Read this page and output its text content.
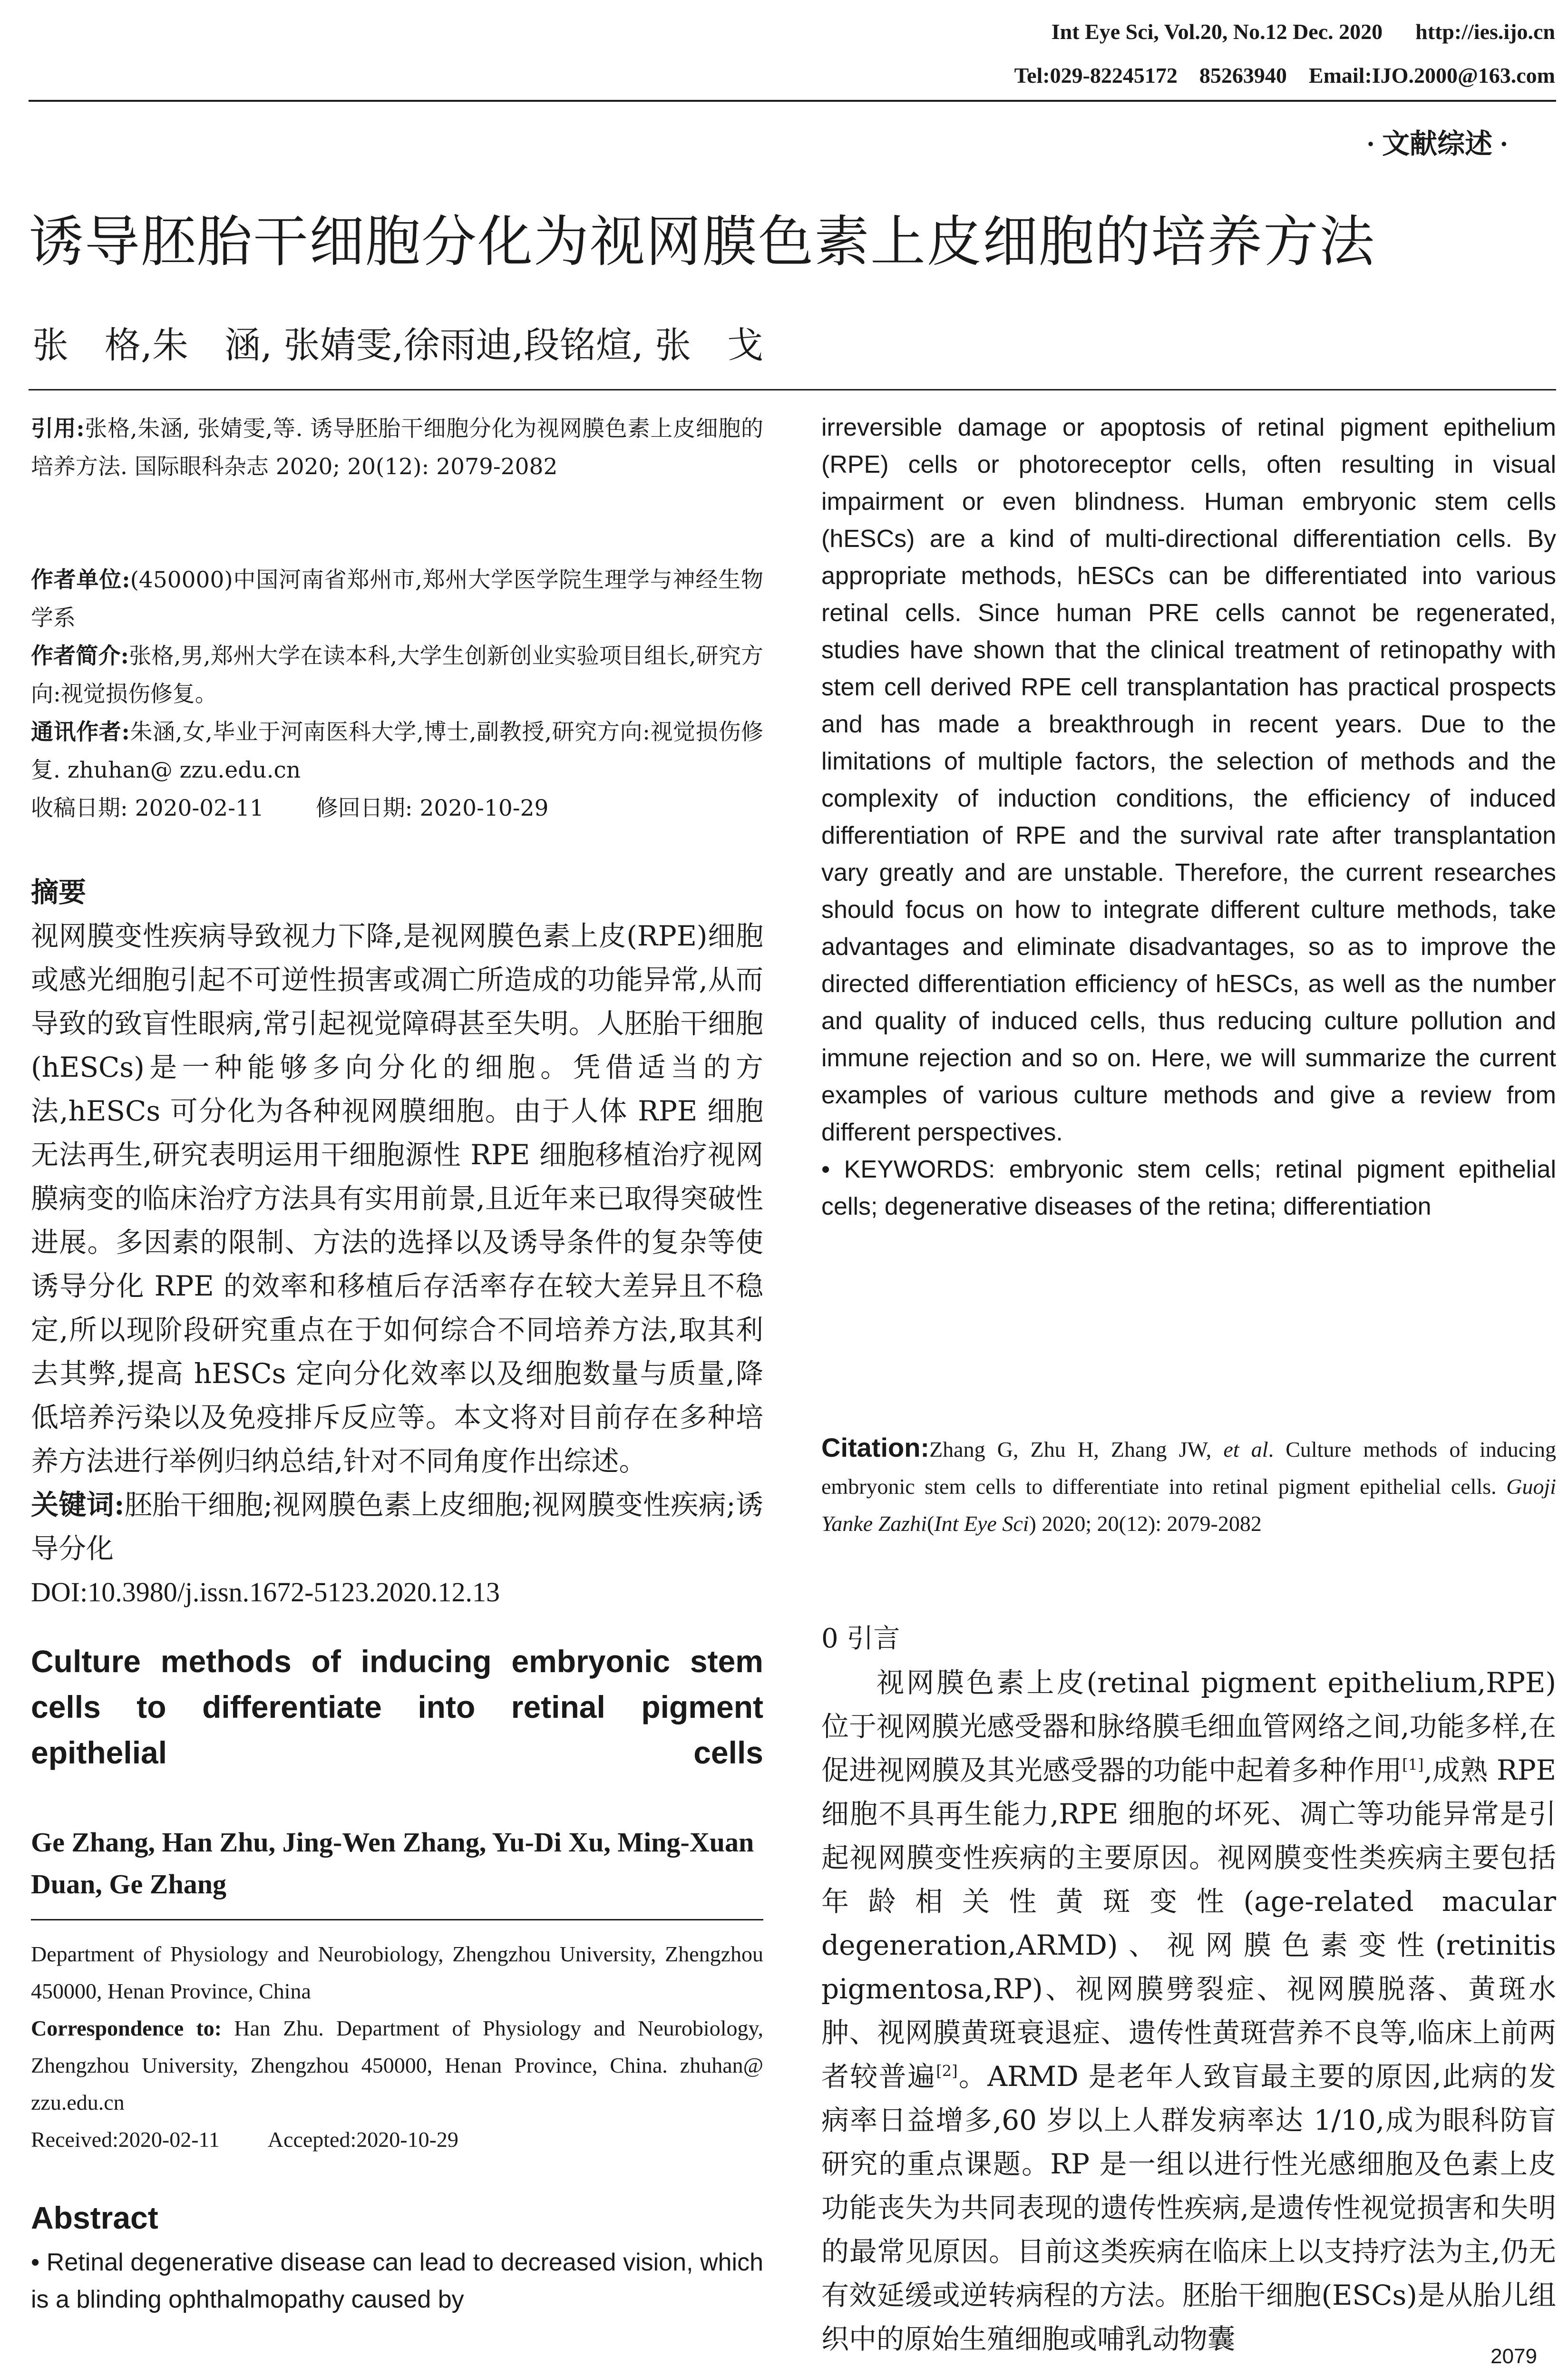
Int Eye Sci, Vol.20, No.12 Dec. 2020      http://ies.ijo.cn
Tel:029-82245172    85263940    Email:IJO.2000@163.com
· 文献综述 ·
诱导胚胎干细胞分化为视网膜色素上皮细胞的培养方法
张　格,朱　涵, 张婧雯,徐雨迪,段铭煊, 张　戈
引用:张格,朱涵, 张婧雯,等. 诱导胚胎干细胞分化为视网膜色素上皮细胞的培养方法. 国际眼科杂志 2020; 20(12): 2079-2082
作者单位:(450000)中国河南省郑州市,郑州大学医学院生理学与神经生物学系
作者简介:张格,男,郑州大学在读本科,大学生创新创业实验项目组长,研究方向:视觉损伤修复。
通讯作者:朱涵,女,毕业于河南医科大学,博士,副教授,研究方向:视觉损伤修复. zhuhan@ zzu.edu.cn
收稿日期: 2020-02-11　　 修回日期: 2020-10-29
摘要
视网膜变性疾病导致视力下降,是视网膜色素上皮(RPE)细胞或感光细胞引起不可逆性损害或凋亡所造成的功能异常,从而导致的致盲性眼病,常引起视觉障碍甚至失明。人胚胎干细胞(hESCs)是一种能够多向分化的细胞。凭借适当的方法,hESCs 可分化为各种视网膜细胞。由于人体 RPE 细胞无法再生,研究表明运用干细胞源性 RPE 细胞移植治疗视网膜病变的临床治疗方法具有实用前景,且近年来已取得突破性进展。多因素的限制、方法的选择以及诱导条件的复杂等使诱导分化 RPE 的效率和移植后存活率存在较大差异且不稳定,所以现阶段研究重点在于如何综合不同培养方法,取其利去其弊,提高 hESCs 定向分化效率以及细胞数量与质量,降低培养污染以及免疫排斥反应等。本文将对目前存在多种培养方法进行举例归纳总结,针对不同角度作出综述。
关键词:胚胎干细胞;视网膜色素上皮细胞;视网膜变性疾病;诱导分化
DOI:10.3980/j.issn.1672-5123.2020.12.13
Culture methods of inducing embryonic stem cells to differentiate into retinal pigment epithelial cells
Ge Zhang, Han Zhu, Jing-Wen Zhang, Yu-Di Xu, Ming-Xuan Duan, Ge Zhang
Department of Physiology and Neurobiology, Zhengzhou University, Zhengzhou 450000, Henan Province, China
Correspondence to: Han Zhu. Department of Physiology and Neurobiology, Zhengzhou University, Zhengzhou 450000, Henan Province, China. zhuhan@ zzu.edu.cn
Received:2020-02-11　　 Accepted:2020-10-29
Abstract
• Retinal degenerative disease can lead to decreased vision, which is a blinding ophthalmopathy caused by
irreversible damage or apoptosis of retinal pigment epithelium (RPE) cells or photoreceptor cells, often resulting in visual impairment or even blindness. Human embryonic stem cells (hESCs) are a kind of multi-directional differentiation cells. By appropriate methods, hESCs can be differentiated into various retinal cells. Since human PRE cells cannot be regenerated, studies have shown that the clinical treatment of retinopathy with stem cell derived RPE cell transplantation has practical prospects and has made a breakthrough in recent years. Due to the limitations of multiple factors, the selection of methods and the complexity of induction conditions, the efficiency of induced differentiation of RPE and the survival rate after transplantation vary greatly and are unstable. Therefore, the current researches should focus on how to integrate different culture methods, take advantages and eliminate disadvantages, so as to improve the directed differentiation efficiency of hESCs, as well as the number and quality of induced cells, thus reducing culture pollution and immune rejection and so on. Here, we will summarize the current examples of various culture methods and give a review from different perspectives.
• KEYWORDS: embryonic stem cells; retinal pigment epithelial cells; degenerative diseases of the retina; differentiation
Citation:Zhang G, Zhu H, Zhang JW, et al. Culture methods of inducing embryonic stem cells to differentiate into retinal pigment epithelial cells. Guoji Yanke Zazhi(Int Eye Sci) 2020; 20(12): 2079-2082
0 引言
视网膜色素上皮(retinal pigment epithelium,RPE)位于视网膜光感受器和脉络膜毛细血管网络之间,功能多样,在促进视网膜及其光感受器的功能中起着多种作用[1],成熟 RPE 细胞不具再生能力,RPE 细胞的坏死、凋亡等功能异常是引起视网膜变性疾病的主要原因。视网膜变性类疾病主要包括年龄相关性黄斑变性(age-related macular degeneration,ARMD)、视网膜色素变性(retinitis pigmentosa,RP)、视网膜劈裂症、视网膜脱落、黄斑水肿、视网膜黄斑衰退症、遗传性黄斑营养不良等,临床上前两者较普遍[2]。ARMD 是老年人致盲最主要的原因,此病的发病率日益增多,60 岁以上人群发病率达 1/10,成为眼科防盲研究的重点课题。RP 是一组以进行性光感细胞及色素上皮功能丧失为共同表现的遗传性疾病,是遗传性视觉损害和失明的最常见原因。目前这类疾病在临床上以支持疗法为主,仍无有效延缓或逆转病程的方法。胚胎干细胞(ESCs)是从胎儿组织中的原始生殖细胞或哺乳动物囊
2079
